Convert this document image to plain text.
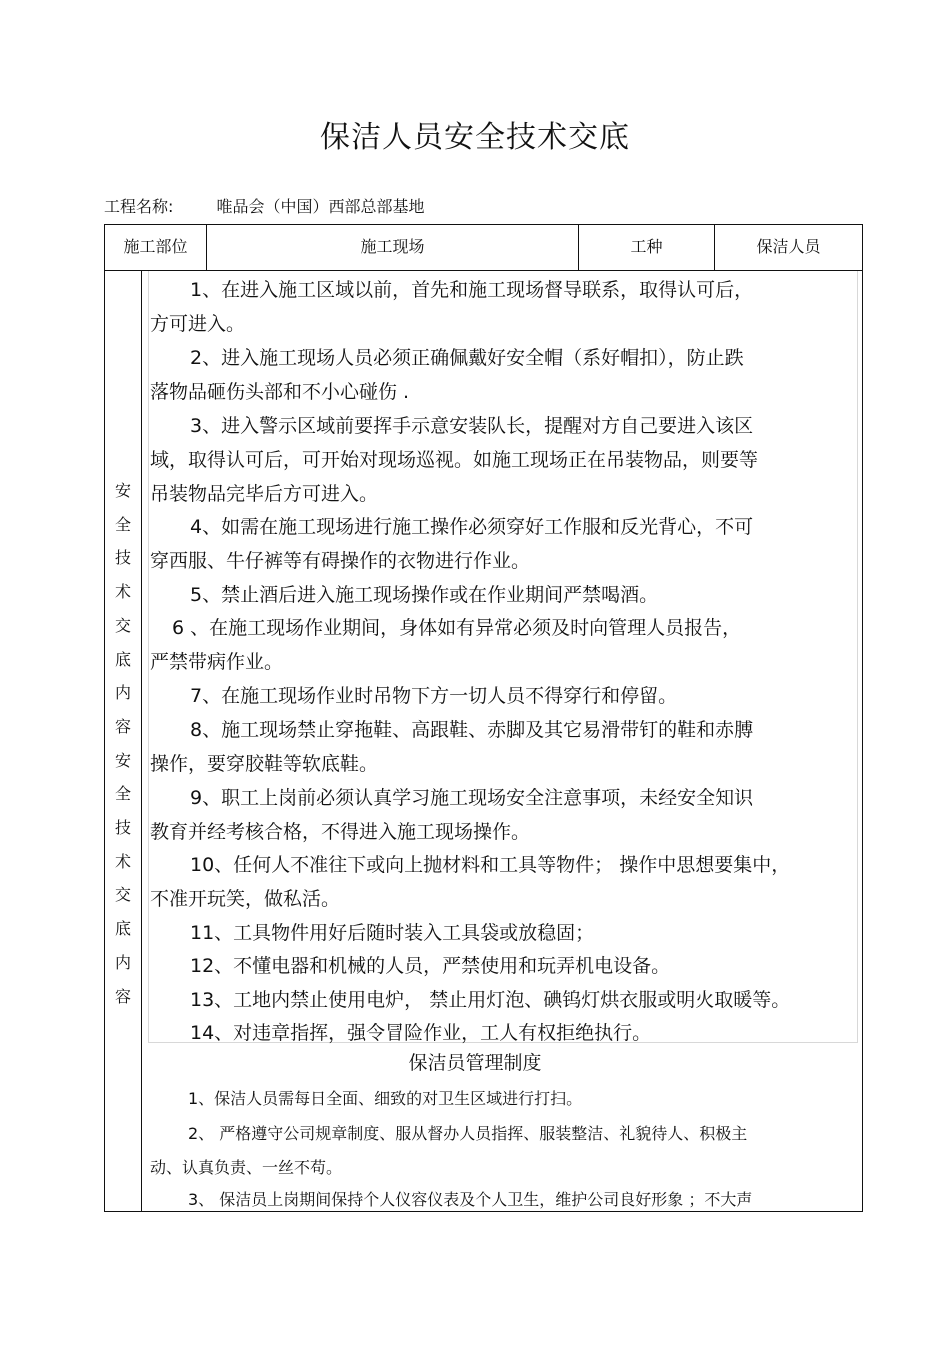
保洁人员安全技术交底
工程名称:	唯品会（中国）西部总部基地
施工部位	施工现场	工种	保洁人员
安
全
技
术
交
底
内
容
安
全
技
术
交
底
内
容
1、在进入施工区域以前，首先和施工现场督导联系，取得认可后，
方可进入。
2、进入施工现场人员必须正确佩戴好安全帽（系好帽扣），防止跌
落物品砸伤头部和不小心碰伤 .
3、进入警示区域前要挥手示意安装队长，提醒对方自己要进入该区
域，取得认可后，可开始对现场巡视。如施工现场正在吊装物品，则要等
吊装物品完毕后方可进入。
4、如需在施工现场进行施工操作必须穿好工作服和反光背心，不可
穿西服、牛仔裤等有碍操作的衣物进行作业。
5、禁止酒后进入施工现场操作或在作业期间严禁喝酒。
6 、在施工现场作业期间，身体如有异常必须及时向管理人员报告，
严禁带病作业。
7、在施工现场作业时吊物下方一切人员不得穿行和停留。
8、施工现场禁止穿拖鞋、高跟鞋、赤脚及其它易滑带钉的鞋和赤膊
操作，要穿胶鞋等软底鞋。
9、职工上岗前必须认真学习施工现场安全注意事项，未经安全知识
教育并经考核合格，不得进入施工现场操作。
10、任何人不准往下或向上抛材料和工具等物件； 操作中思想要集中，
不准开玩笑，做私活。
11、工具物件用好后随时装入工具袋或放稳固；
12、不懂电器和机械的人员，严禁使用和玩弄机电设备。
13、工地内禁止使用电炉， 禁止用灯泡、碘钨灯烘衣服或明火取暖等。
14、对违章指挥，强令冒险作业，工人有权拒绝执行。
保洁员管理制度
1、保洁人员需每日全面、细致的对卫生区域进行打扫。
2、 严格遵守公司规章制度、服从督办人员指挥、服装整洁、礼貌待人、积极主
动、认真负责、一丝不苟。
3、 保洁员上岗期间保持个人仪容仪表及个人卫生，维护公司良好形象 ；不大声
